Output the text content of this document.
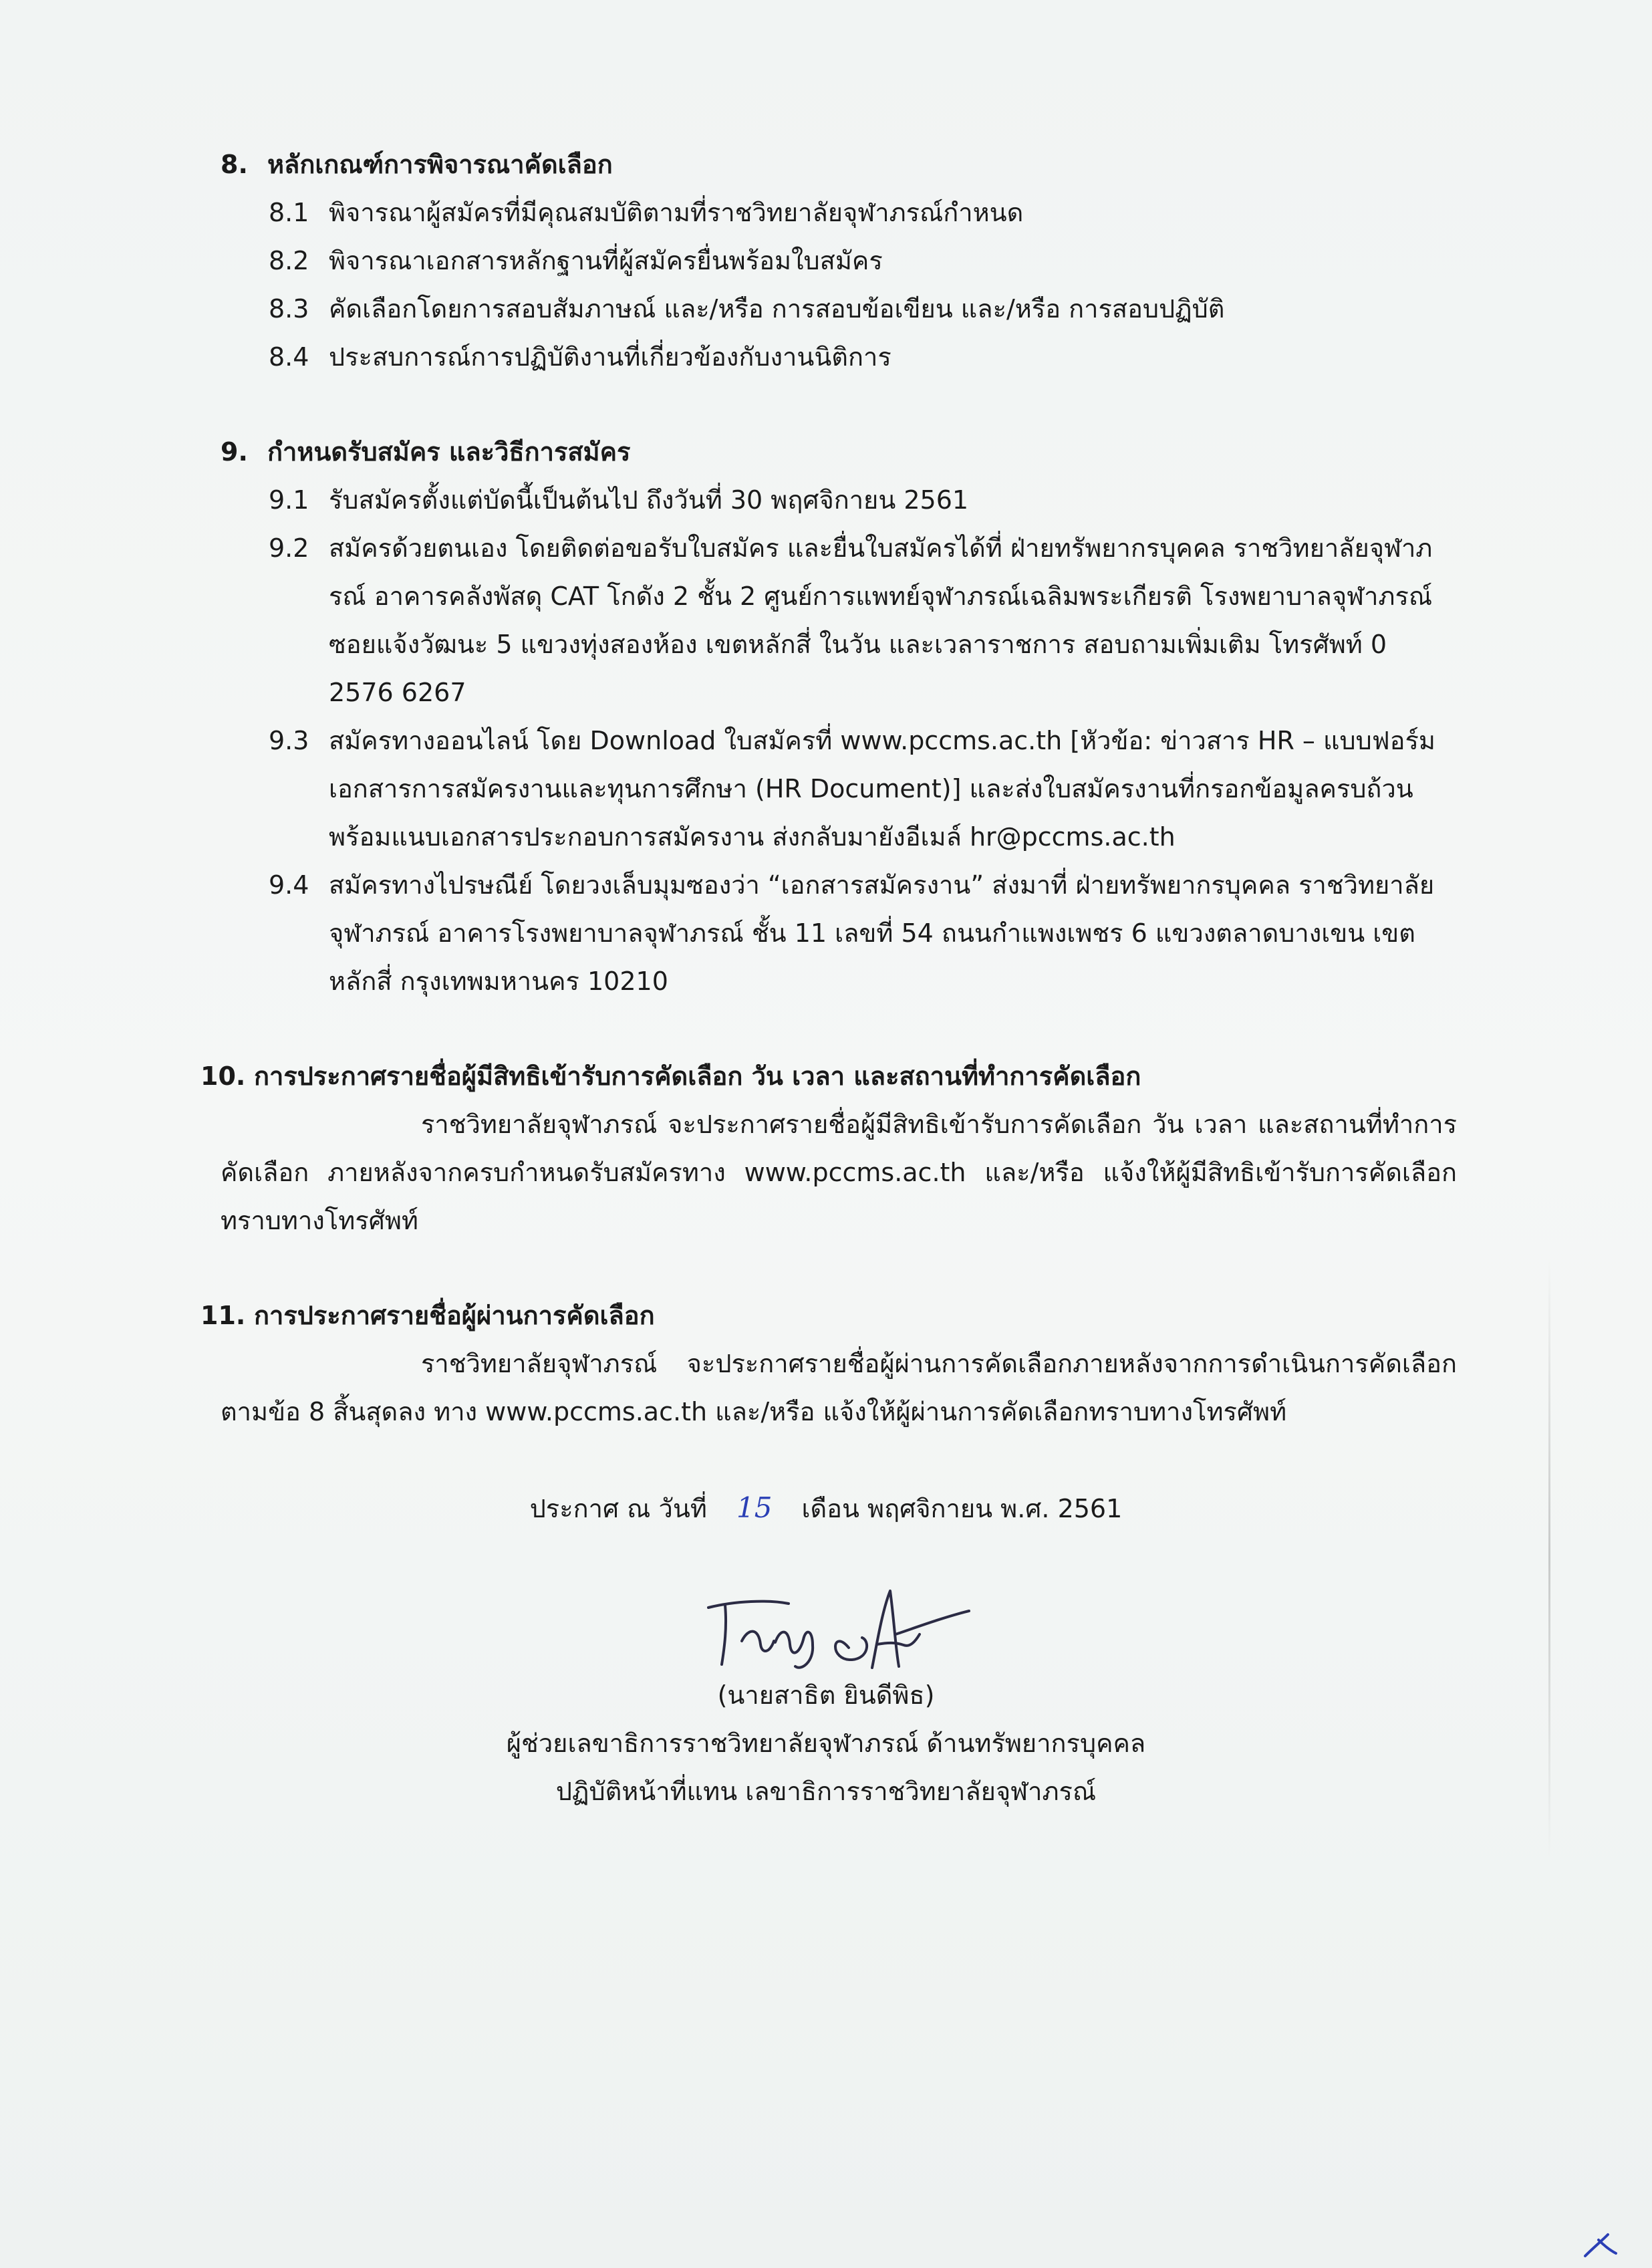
8. หลักเกณฑ์การพิจารณาคัดเลือก
8.1 พิจารณาผู้สมัครที่มีคุณสมบัติตามที่ราชวิทยาลัยจุฬาภรณ์กำหนด
8.2 พิจารณาเอกสารหลักฐานที่ผู้สมัครยื่นพร้อมใบสมัคร
8.3 คัดเลือกโดยการสอบสัมภาษณ์ และ/หรือ การสอบข้อเขียน และ/หรือ การสอบปฏิบัติ
8.4 ประสบการณ์การปฏิบัติงานที่เกี่ยวข้องกับงานนิติการ
9. กำหนดรับสมัคร และวิธีการสมัคร
9.1 รับสมัครตั้งแต่บัดนี้เป็นต้นไป ถึงวันที่ 30 พฤศจิกายน 2561
9.2 สมัครด้วยตนเอง โดยติดต่อขอรับใบสมัคร และยื่นใบสมัครได้ที่ ฝ่ายทรัพยากรบุคคล ราชวิทยาลัยจุฬาภรณ์ อาคารคลังพัสดุ CAT โกดัง 2 ชั้น 2 ศูนย์การแพทย์จุฬาภรณ์เฉลิมพระเกียรติ โรงพยาบาลจุฬาภรณ์ ซอยแจ้งวัฒนะ 5 แขวงทุ่งสองห้อง เขตหลักสี่ ในวัน และเวลาราชการ สอบถามเพิ่มเติม โทรศัพท์ 0 2576 6267
9.3 สมัครทางออนไลน์ โดย Download ใบสมัครที่ www.pccms.ac.th [หัวข้อ: ข่าวสาร HR – แบบฟอร์มเอกสารการสมัครงานและทุนการศึกษา (HR Document)] และส่งใบสมัครงานที่กรอกข้อมูลครบถ้วน พร้อมแนบเอกสารประกอบการสมัครงาน ส่งกลับมายังอีเมล์ hr@pccms.ac.th
9.4 สมัครทางไปรษณีย์ โดยวงเล็บมุมซองว่า “เอกสารสมัครงาน” ส่งมาที่ ฝ่ายทรัพยากรบุคคล ราชวิทยาลัยจุฬาภรณ์ อาคารโรงพยาบาลจุฬาภรณ์ ชั้น 11 เลขที่ 54 ถนนกำแพงเพชร 6 แขวงตลาดบางเขน เขตหลักสี่ กรุงเทพมหานคร 10210
10. การประกาศรายชื่อผู้มีสิทธิเข้ารับการคัดเลือก วัน เวลา และสถานที่ทำการคัดเลือก

ราชวิทยาลัยจุฬาภรณ์ จะประกาศรายชื่อผู้มีสิทธิเข้ารับการคัดเลือก วัน เวลา และสถานที่ทำการคัดเลือก ภายหลังจากครบกำหนดรับสมัครทาง www.pccms.ac.th และ/หรือ แจ้งให้ผู้มีสิทธิเข้ารับการคัดเลือกทราบทางโทรศัพท์

11. การประกาศรายชื่อผู้ผ่านการคัดเลือก

ราชวิทยาลัยจุฬาภรณ์ จะประกาศรายชื่อผู้ผ่านการคัดเลือกภายหลังจากการดำเนินการคัดเลือก ตามข้อ 8 สิ้นสุดลง ทาง www.pccms.ac.th และ/หรือ แจ้งให้ผู้ผ่านการคัดเลือกทราบทางโทรศัพท์

ประกาศ ณ วันที่ 15 เดือน พฤศจิกายน พ.ศ. 2561
(นายสาธิต ยินดีพิธ)
ผู้ช่วยเลขาธิการราชวิทยาลัยจุฬาภรณ์ ด้านทรัพยากรบุคคล
ปฏิบัติหน้าที่แทน เลขาธิการราชวิทยาลัยจุฬาภรณ์
